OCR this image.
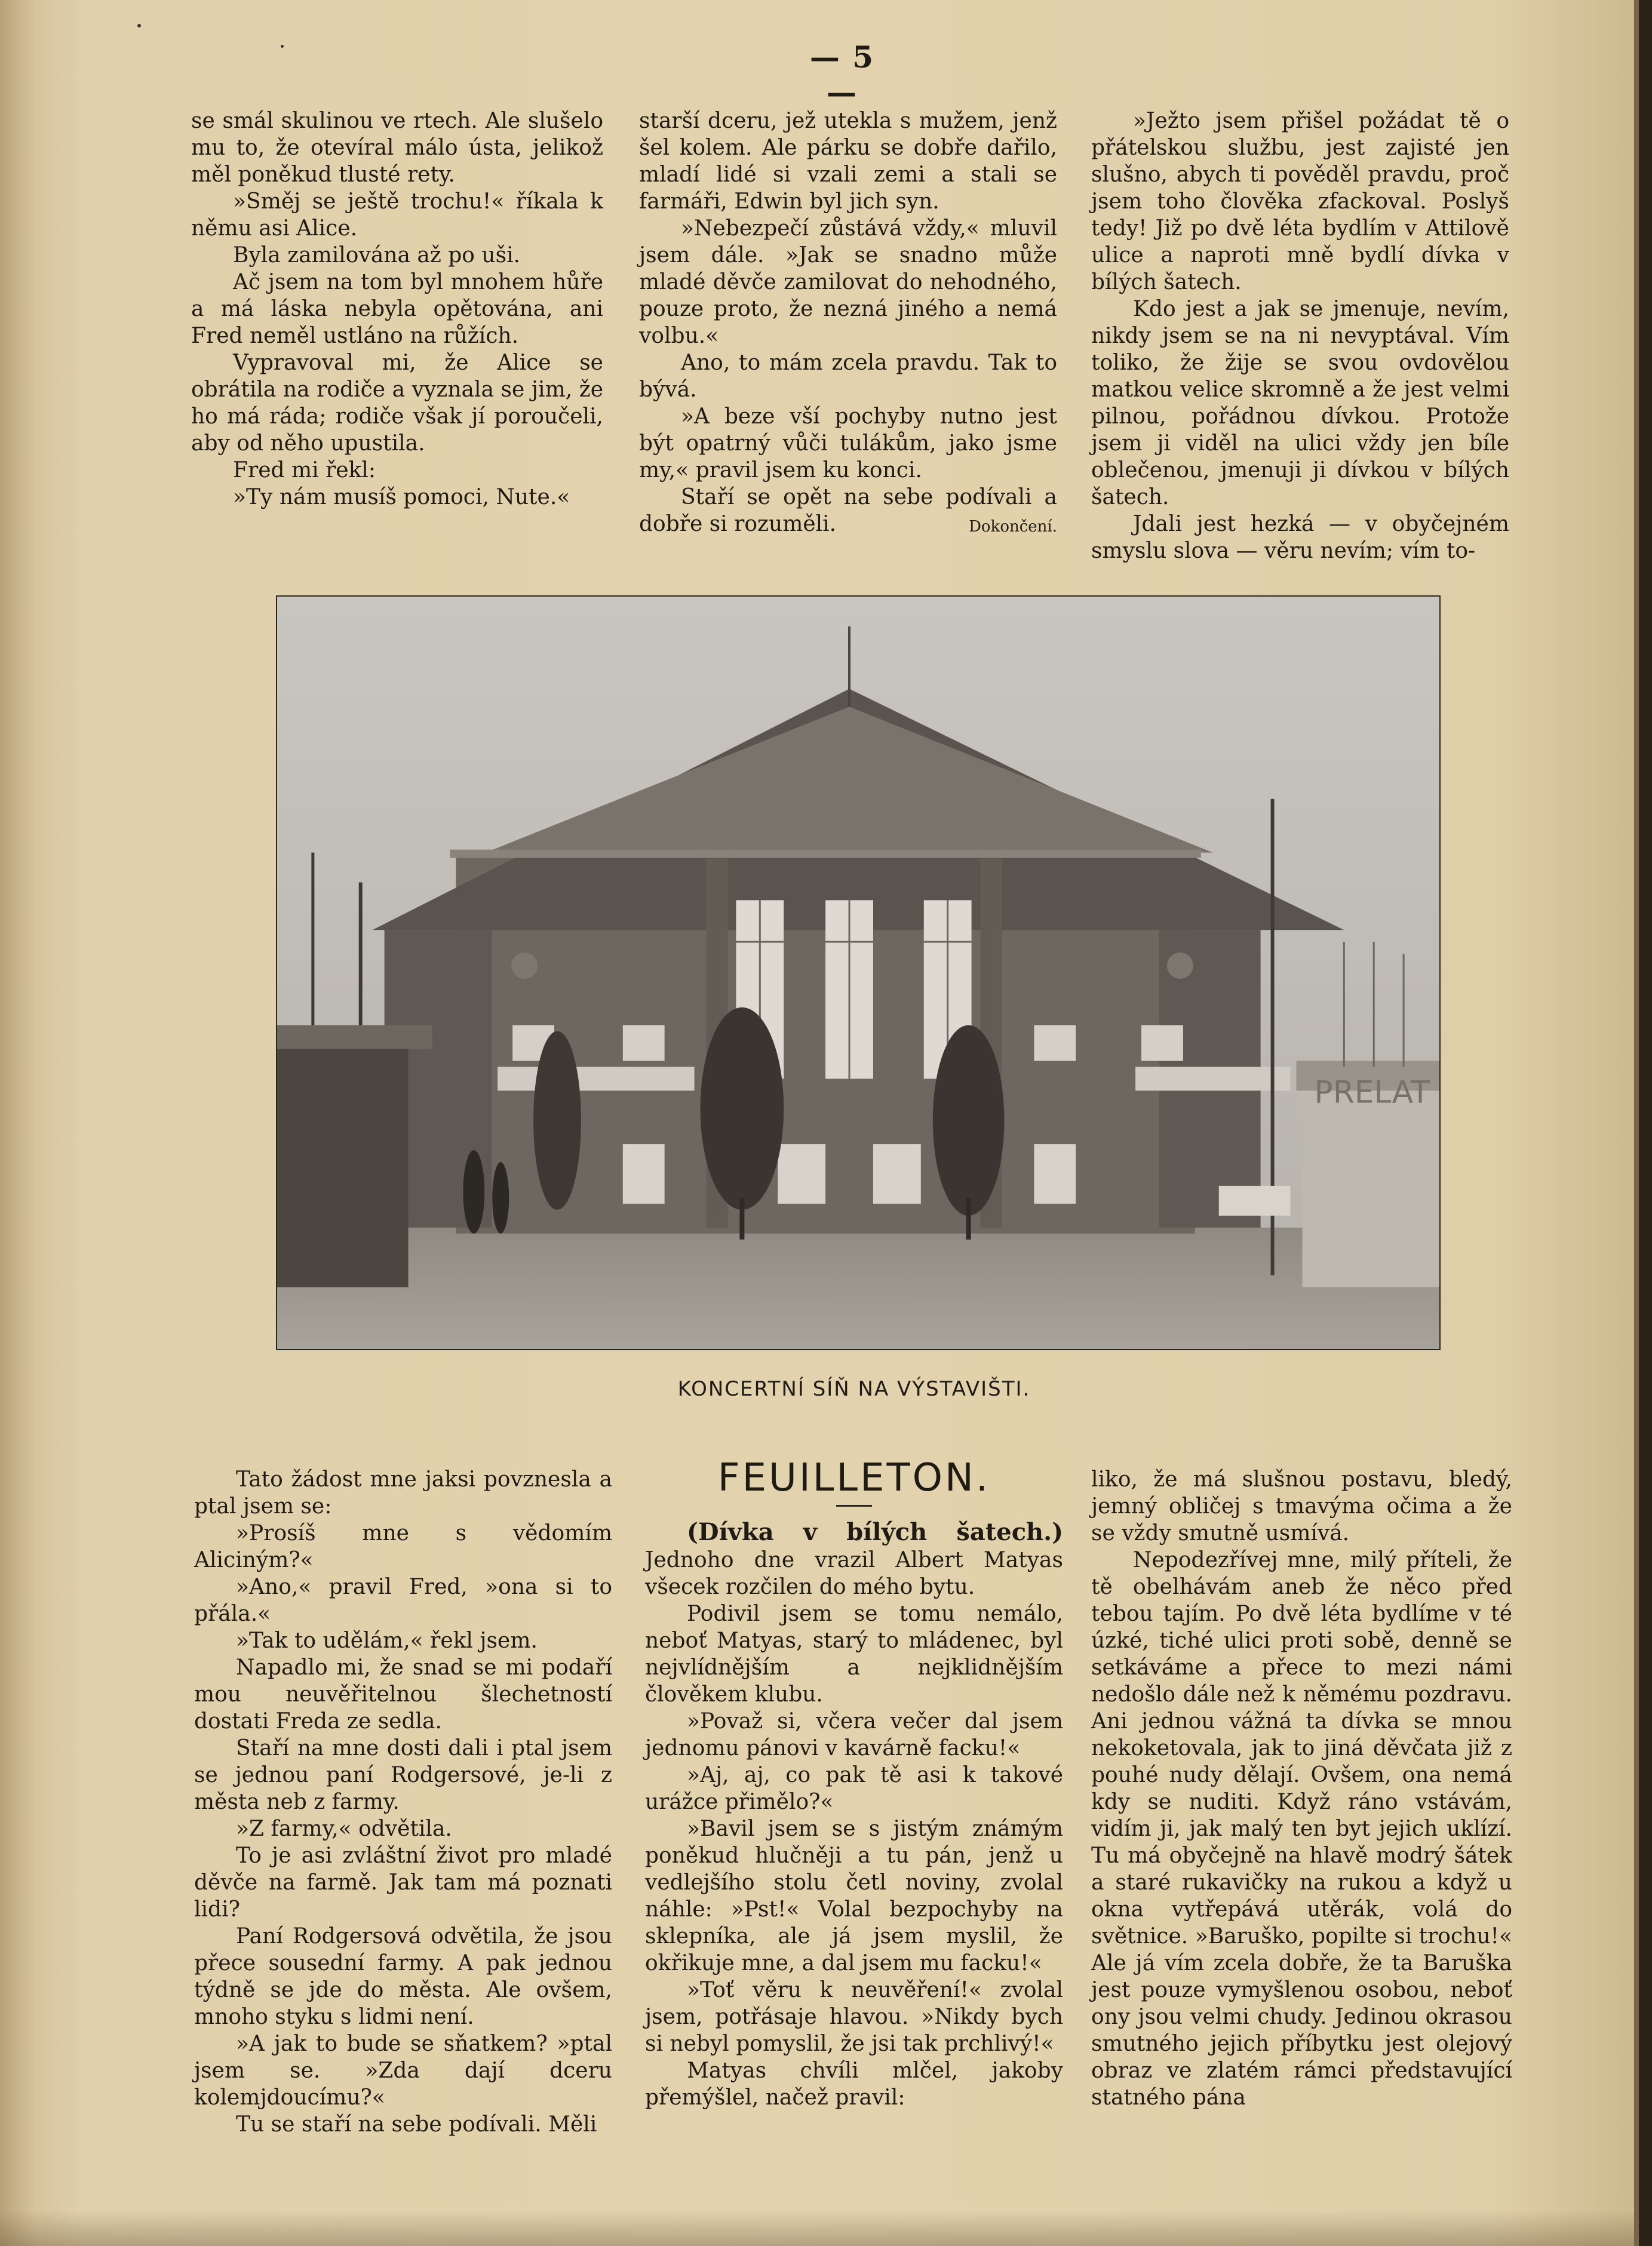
— 5 —

se smál skulinou ve rtech. Ale slušelo mu to, že otevíral málo ústa, jelikož měl poněkud tlusté rety.

»Směj se ještě trochu!« říkala k němu asi Alice.

Byla zamilována až po uši.

Ač jsem na tom byl mnohem hůře a má láska nebyla opětována, ani Fred neměl ustláno na růžích.

Vypravoval mi, že Alice se obrátila na rodiče a vyznala se jim, že ho má ráda; rodiče však jí poroučeli, aby od něho upustila.

Fred mi řekl:

»Ty nám musíš pomoci, Nute.«

starší dceru, jež utekla s mužem, jenž šel kolem. Ale párku se dobře dařilo, mladí lidé si vzali zemi a stali se farmáři, Edwin byl jich syn.

»Nebezpečí zůstává vždy,« mluvil jsem dále. »Jak se snadno může mladé děvče zamilovat do nehodného, pouze proto, že nezná jiného a nemá volbu.«

Ano, to mám zcela pravdu. Tak to bývá.

»A beze vší pochyby nutno jest být opatrný vůči tulákům, jako jsme my,« pravil jsem ku konci.

Staří se opět na sebe podívali a dobře si rozuměli.	Dokončení.

»Ježto jsem přišel požádat tě o přátelskou službu, jest zajisté jen slušno, abych ti pověděl pravdu, proč jsem toho člověka zfackoval. Poslyš tedy! Již po dvě léta bydlím v Attilově ulice a naproti mně bydlí dívka v bílých šatech.

Kdo jest a jak se jmenuje, nevím, nikdy jsem se na ni nevyptával. Vím toliko, že žije se svou ovdovělou matkou velice skromně a že jest velmi pilnou, pořádnou dívkou. Protože jsem ji viděl na ulici vždy jen bíle oblečenou, jmenuji ji dívkou v bílých šatech.

Jdali jest hezká — v obyčejném smyslu slova — věru nevím; vím to-

PRELAT
KONCERTNÍ SÍŇ NA VÝSTAVIŠTI.

Tato žádost mne jaksi povznesla a ptal jsem se:

»Prosíš mne s vědomím Aliciným?«

»Ano,« pravil Fred, »ona si to přála.«

»Tak to udělám,« řekl jsem.

Napadlo mi, že snad se mi podaří mou neuvěřitelnou šlechetností dostati Freda ze sedla.

Staří na mne dosti dali i ptal jsem se jednou paní Rodgersové, je-li z města neb z farmy.

»Z farmy,« odvětila.

To je asi zvláštní život pro mladé děvče na farmě. Jak tam má poznati lidi?

Paní Rodgersová odvětila, že jsou přece sousední farmy. A pak jednou týdně se jde do města. Ale ovšem, mnoho styku s lidmi není.

»A jak to bude se sňatkem? »ptal jsem se. »Zda dají dceru kolemjdoucímu?«

Tu se staří na sebe podívali. Měli

FEUILLETON.

(Dívka v bílých šatech.) Jednoho dne vrazil Albert Matyas všecek rozčilen do mého bytu.

Podivil jsem se tomu nemálo, neboť Matyas, starý to mládenec, byl nejvlídnějším a nejklidnějším člověkem klubu.

»Považ si, včera večer dal jsem jednomu pánovi v kavárně facku!«

»Aj, aj, co pak tě asi k takové urážce přimělo?«

»Bavil jsem se s jistým známým poněkud hlučněji a tu pán, jenž u vedlejšího stolu četl noviny, zvolal náhle: »Pst!« Volal bezpochyby na sklepníka, ale já jsem myslil, že okřikuje mne, a dal jsem mu facku!«

»Toť věru k neuvěření!« zvolal jsem, potřásaje hlavou. »Nikdy bych si nebyl pomyslil, že jsi tak prchlivý!«

Matyas chvíli mlčel, jakoby přemýšlel, načež pravil:

liko, že má slušnou postavu, bledý, jemný obličej s tmavýma očima a že se vždy smutně usmívá.

Nepodezřívej mne, milý příteli, že tě obelhávám aneb že něco před tebou tajím. Po dvě léta bydlíme v té úzké, tiché ulici proti sobě, denně se setkáváme a přece to mezi námi nedošlo dále než k němému pozdravu. Ani jednou vážná ta dívka se mnou nekoketovala, jak to jiná děvčata již z pouhé nudy dělají. Ovšem, ona nemá kdy se nuditi. Když ráno vstávám, vidím ji, jak malý ten byt jejich uklízí. Tu má obyčejně na hlavě modrý šátek a staré rukavičky na rukou a když u okna vytřepává utěrák, volá do světnice. »Baruško, popilte si trochu!« Ale já vím zcela dobře, že ta Baruška jest pouze vymyšlenou osobou, neboť ony jsou velmi chudy. Jedinou okrasou smutného jejich příbytku jest olejový obraz ve zlatém rámci představující statného pána
